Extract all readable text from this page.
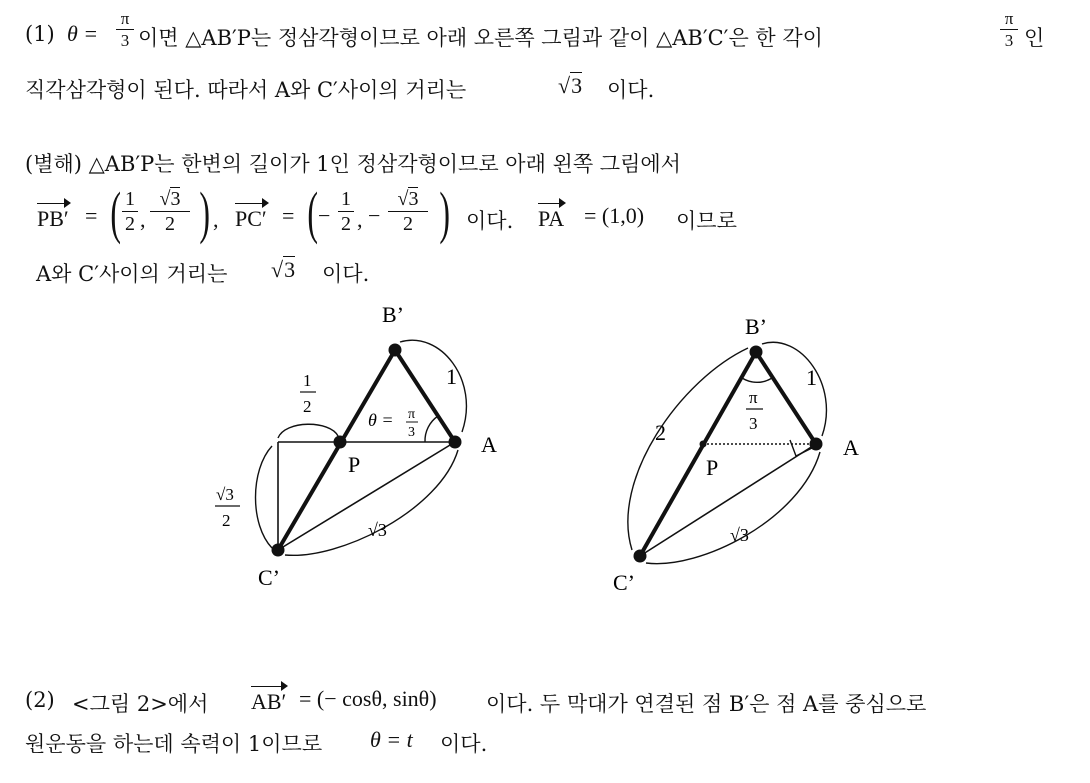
(1) θ =
π
3 이면 △AB′P는 정삼각형이므로 아래 오른쪽 그림과 같이 △AB′C′은 한 각이
π
3 인
직각삼각형이 된다. 따라서 A와 C′사이의 거리는	√3 이다.
(별해) △AB′P는 한변의 길이가 1인 정삼각형이므로 아래 왼쪽 그림에서
PB′ = ( 1
2 ,
√3
2 ) , PC′ = ( −
1
2 , −
√3
2 ) 이다. PA = (1,0) 이므로
A와 C′사이의 거리는 √3 이다.
B’
1
A
P
C’
1
2
√3
2	√3
θ = π
3
B’
1
2
A
P
C’
π
3
√3
(2) <그림 2>에서 AB′ = (− cosθ, sinθ) 이다. 두 막대가 연결된 점 B′은 점 A를 중심으로
원운동을 하는데 속력이 1이므로 θ = t 이다.
